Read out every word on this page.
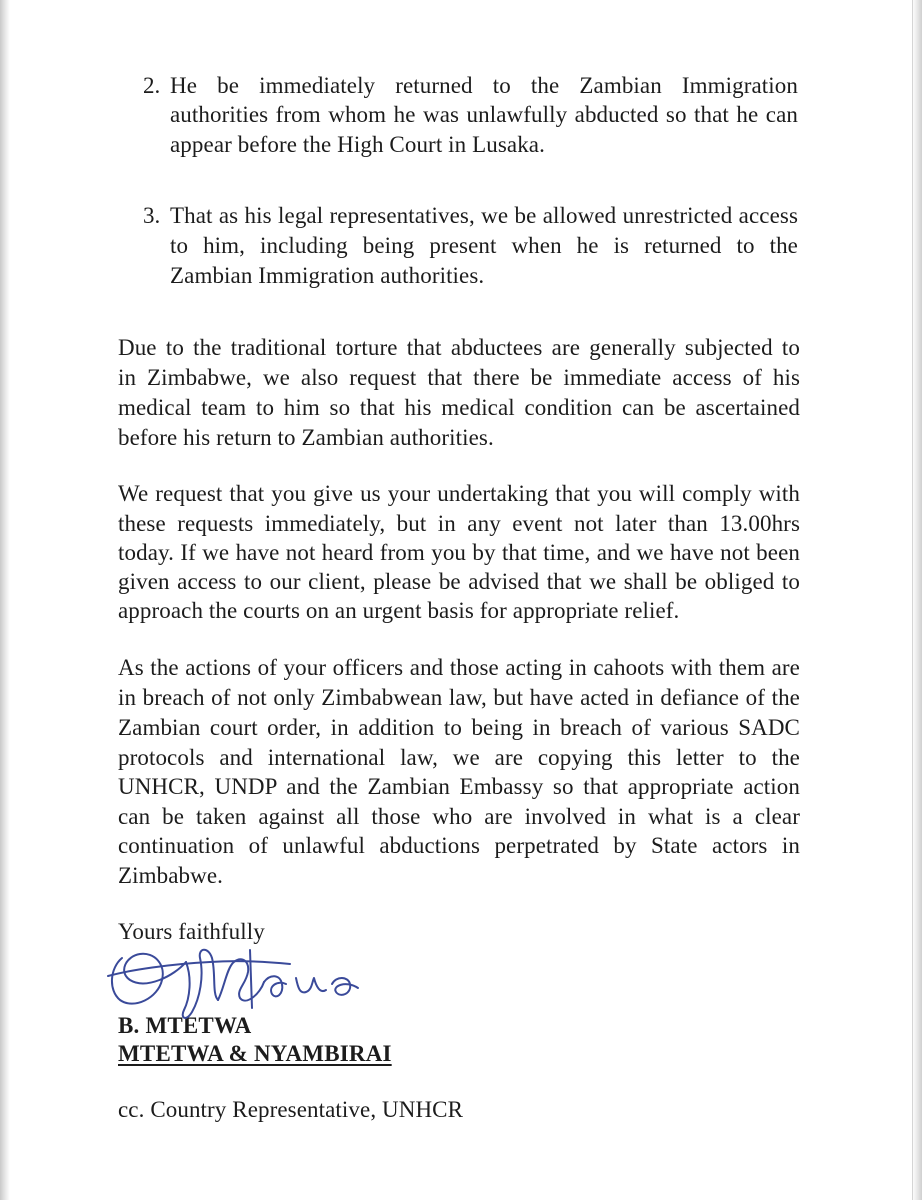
2. He be immediately returned to the Zambian Immigration
authorities from whom he was unlawfully abducted so that he can
appear before the High Court in Lusaka.
3. That as his legal representatives, we be allowed unrestricted access
to him, including being present when he is returned to the
Zambian Immigration authorities.
Due to the traditional torture that abductees are generally subjected to
in Zimbabwe, we also request that there be immediate access of his
medical team to him so that his medical condition can be ascertained
before his return to Zambian authorities.
We request that you give us your undertaking that you will comply with
these requests immediately, but in any event not later than 13.00hrs
today. If we have not heard from you by that time, and we have not been
given access to our client, please be advised that we shall be obliged to
approach the courts on an urgent basis for appropriate relief.
As the actions of your officers and those acting in cahoots with them are
in breach of not only Zimbabwean law, but have acted in defiance of the
Zambian court order, in addition to being in breach of various SADC
protocols and international law, we are copying this letter to the
UNHCR, UNDP and the Zambian Embassy so that appropriate action
can be taken against all those who are involved in what is a clear
continuation of unlawful abductions perpetrated by State actors in
Zimbabwe.
Yours faithfully
B. MTETWA
MTETWA & NYAMBIRAI
cc. Country Representative, UNHCR
